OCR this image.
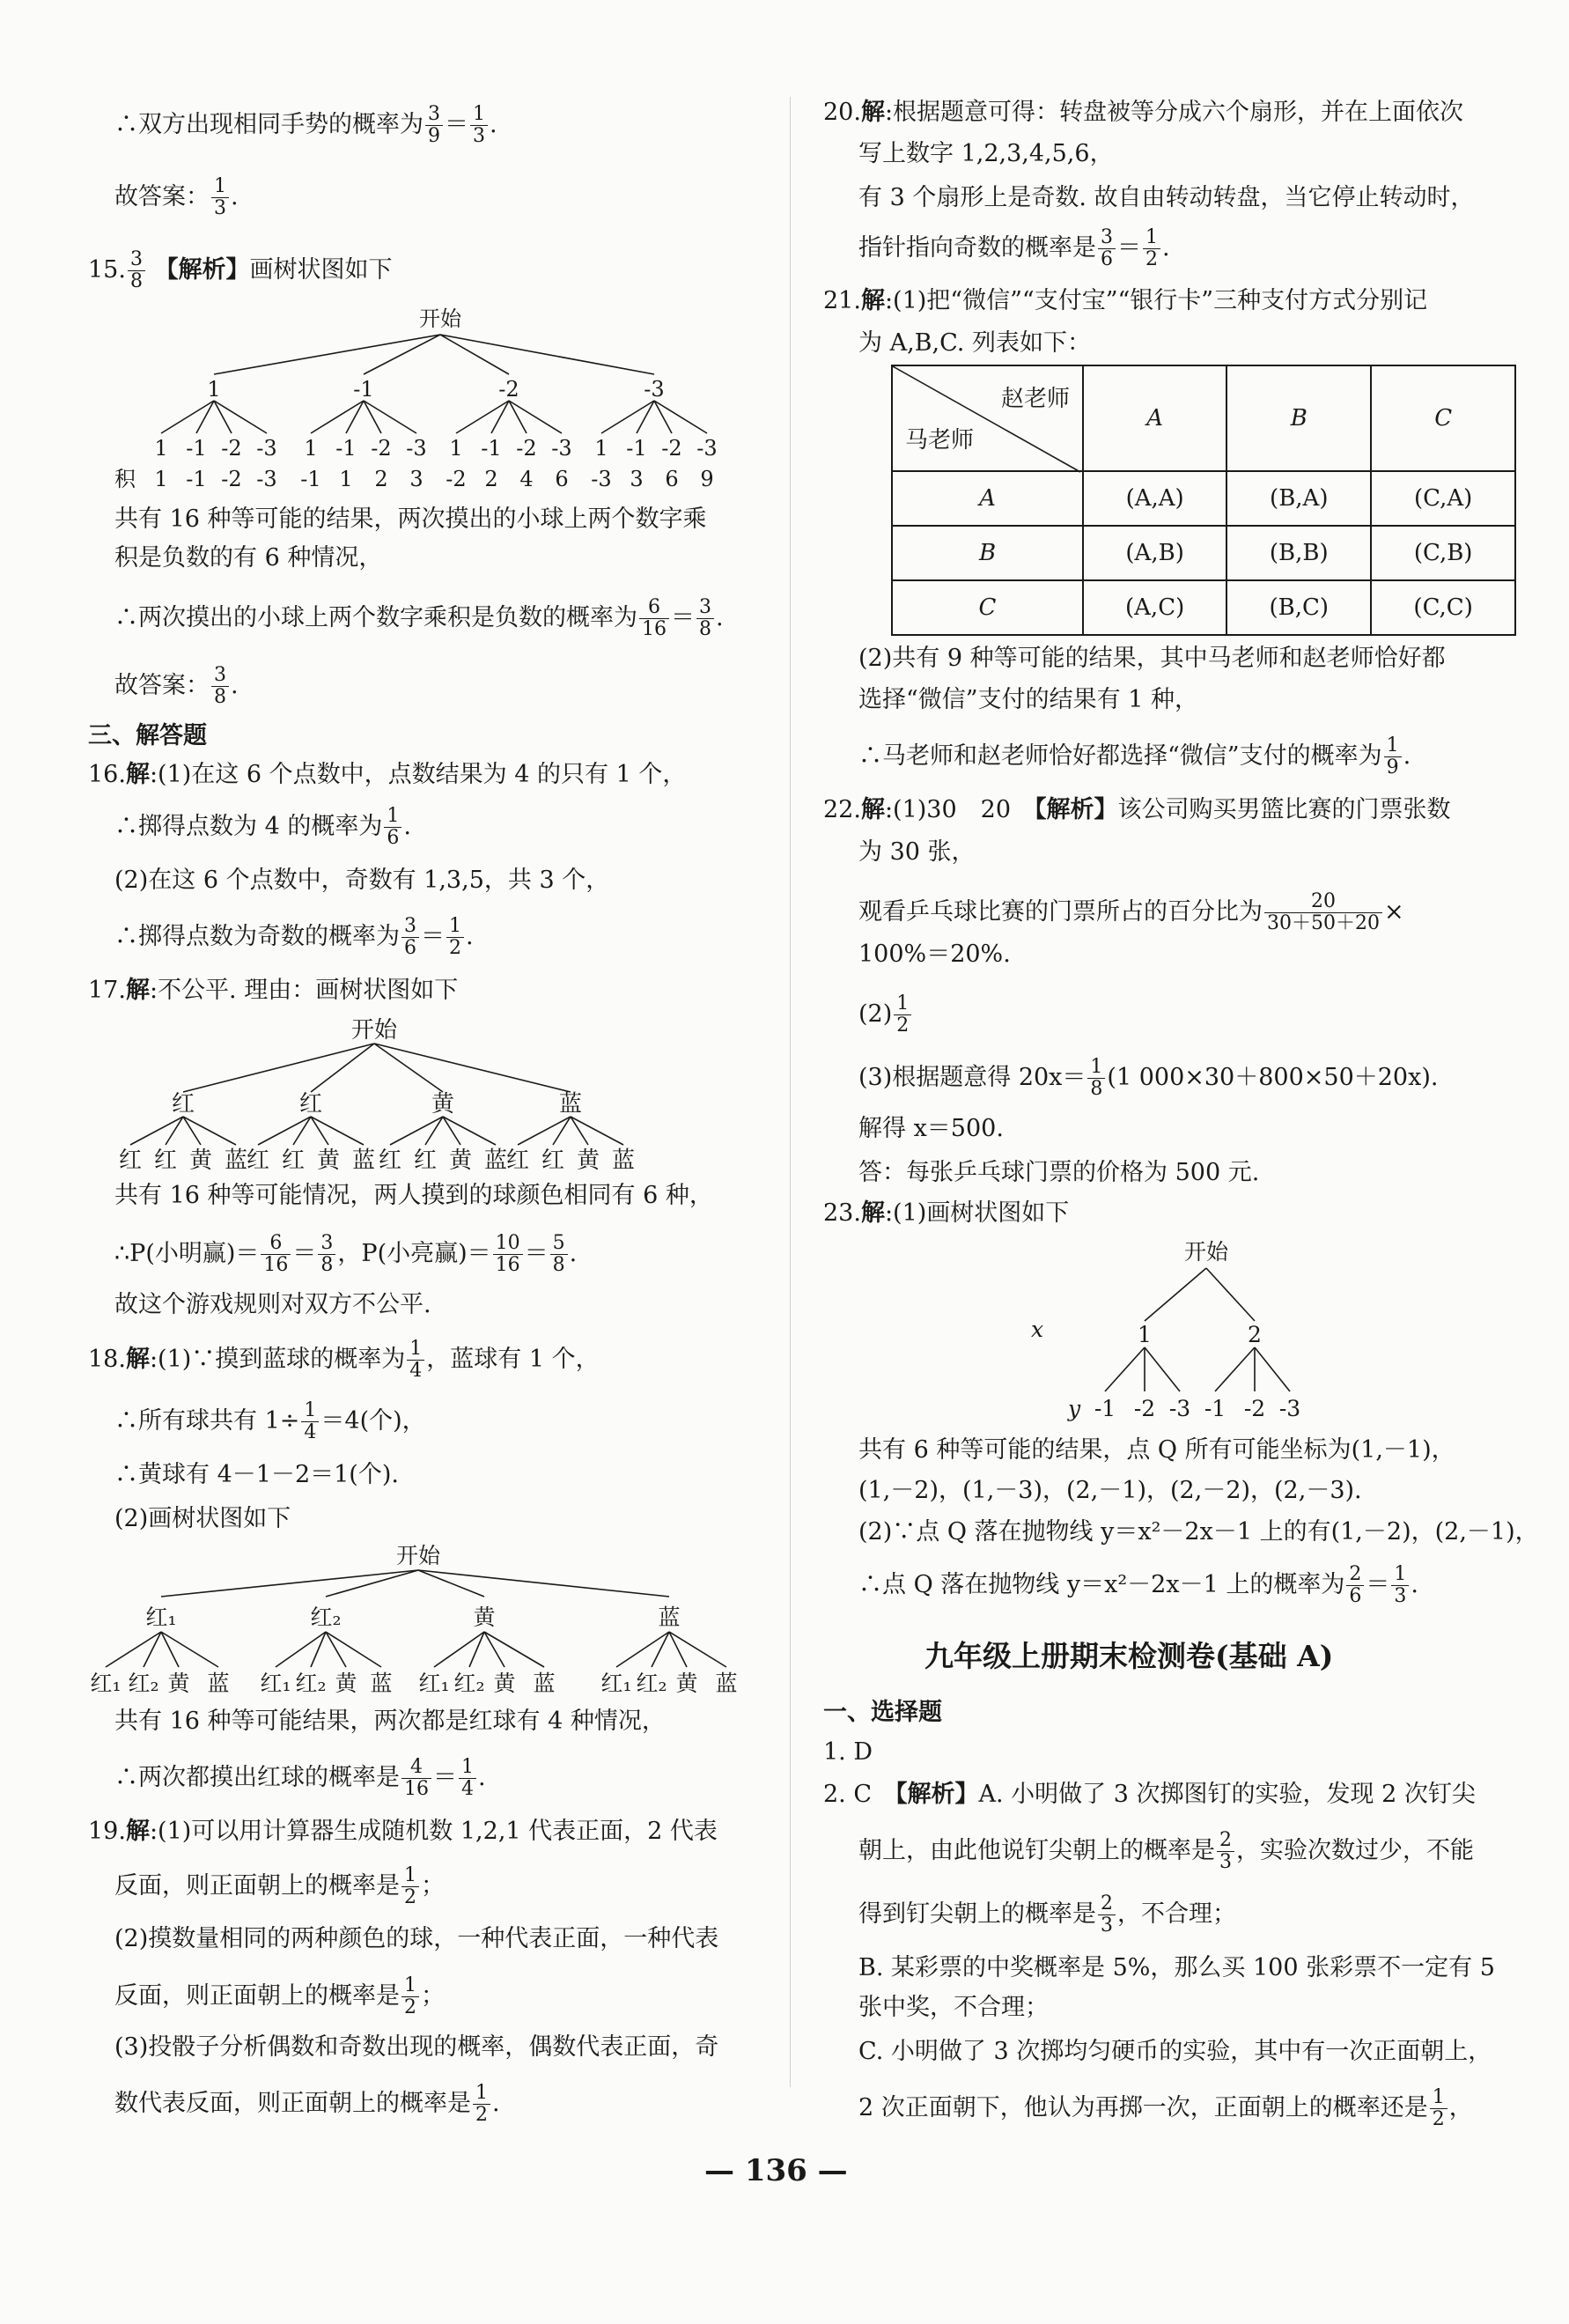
∴双方出现相同手势的概率为 $\frac{3}{9} = \frac{1}{3}$ .
故答案： $\frac{1}{3}$ .
15. $\frac{3}{8}$ 【解析】画树状图如下
开始
1	-1	-2	-3
1 -1 -2 -3 1 -1 -2 -3 1 -1 -2 -3 1 -1 -2 -3
积 1 -1 -2 -3 -1 1 2 3 -2 2 4 6 -3 3 6 9
共有 16 种等可能的结果，两次摸出的小球上两个数字乘
积是负数的有 6 种情况，
∴两次摸出的小球上两个数字乘积是负数的概率为 $\frac{6}{16} = \frac{3}{8}$ .
故答案： $\frac{3}{8}$ .
三、解答题
16.解:(1)在这 6 个点数中，点数结果为 4 的只有 1 个，
∴掷得点数为 4 的概率为 $\frac{1}{6}$ .
(2)在这 6 个点数中，奇数有 1,3,5，共 3 个，
∴掷得点数为奇数的概率为 $\frac{3}{6} = \frac{1}{2}$ .
17.解:不公平. 理由：画树状图如下
开始
红	红	黄	蓝
红 红 黄 蓝
红 红 黄 蓝 红 红 黄 蓝
红 红 黄 蓝
共有 16 种等可能情况，两人摸到的球颜色相同有 6 种，
∴P(小明赢)＝ $\frac{6}{16} = \frac{3}{8}$ ，P(小亮赢)＝ $\frac{10}{16} = \frac{5}{8}$ .
故这个游戏规则对双方不公平.
18.解:(1)∵摸到蓝球的概率为 $\frac{1}{4}$ ，蓝球有 1 个，
∴所有球共有 $1\div \frac{1}{4} =4$(个)，
∴黄球有 4－1－2＝1(个).
(2)画树状图如下
开始
红₁	红₂	黄	蓝
红₁ 红₂ 黄 蓝 红₁ 红₂ 黄 蓝 红₁ 红₂ 黄 蓝 红₁ 红₂ 黄 蓝
共有 16 种等可能结果，两次都是红球有 4 种情况，
∴两次都摸出红球的概率是 $\frac{4}{16} = \frac{1}{4}$ .
19.解:(1)可以用计算器生成随机数 1,2,1 代表正面，2 代表
反面，则正面朝上的概率是 $\frac{1}{2}$ ；
(2)摸数量相同的两种颜色的球，一种代表正面，一种代表
反面，则正面朝上的概率是 $\frac{1}{2}$ ；
(3)投骰子分析偶数和奇数出现的概率，偶数代表正面，奇
数代表反面，则正面朝上的概率是 $\frac{1}{2}$ .
20.解:根据题意可得：转盘被等分成六个扇形，并在上面依次
写上数字 1,2,3,4,5,6，
有 3 个扇形上是奇数. 故自由转动转盘，当它停止转动时，
指针指向奇数的概率是 $\frac{3}{6} = \frac{1}{2}$ .
21.解:(1)把“微信”“支付宝”“银行卡”三种支付方式分别记
为 A,B,C. 列表如下：
赵老师
马老师	A	B	C
A	(A,A)	(B,A)	(C,A)
B	(A,B)	(B,B)	(C,B)
C	(A,C)	(B,C)	(C,C)
(2)共有 9 种等可能的结果，其中马老师和赵老师恰好都
选择“微信”支付的结果有 1 种，
∴马老师和赵老师恰好都选择“微信”支付的概率为 $\frac{1}{9}$ .
22.解:(1)30　20　【解析】该公司购买男篮比赛的门票张数
为 30 张，
观看乒乓球比赛的门票所占的百分比为 $\frac{20}{30+50+20}$ ×
100%＝20%.
$(2) \frac{1}{2}$
(3)根据题意得 $20x= \frac{1}{8} (1$ 000×30＋800×50＋20x).
解得 x＝500.
答：每张乒乓球门票的价格为 500 元.
23.解:(1)画树状图如下
开始
x	1	2
y -1 -2 -3 -1 -2 -3
共有 6 种等可能的结果，点 Q 所有可能坐标为(1,－1)，
(1,－2)，(1,－3)，(2,－1)，(2,－2)，(2,－3).
(2)∵点 Q 落在抛物线 y＝x²－2x－1 上的有(1,－2)，(2,－1)，
∴点 Q 落在抛物线 y＝x²－2x－1 上的概率为 $\frac{2}{6} = \frac{1}{3}$ .
九年级上册期末检测卷(基础 A)
一、选择题
1. D
2. C　【解析】A. 小明做了 3 次掷图钉的实验，发现 2 次钉尖
朝上，由此他说钉尖朝上的概率是 $\frac{2}{3}$ ，实验次数过少，不能
得到钉尖朝上的概率是 $\frac{2}{3}$ ，不合理；
B. 某彩票的中奖概率是 5%，那么买 100 张彩票不一定有 5
张中奖，不合理；
C. 小明做了 3 次掷均匀硬币的实验，其中有一次正面朝上，
2 次正面朝下，他认为再掷一次，正面朝上的概率还是 $\frac{1}{2}$ ，
— 136 —
